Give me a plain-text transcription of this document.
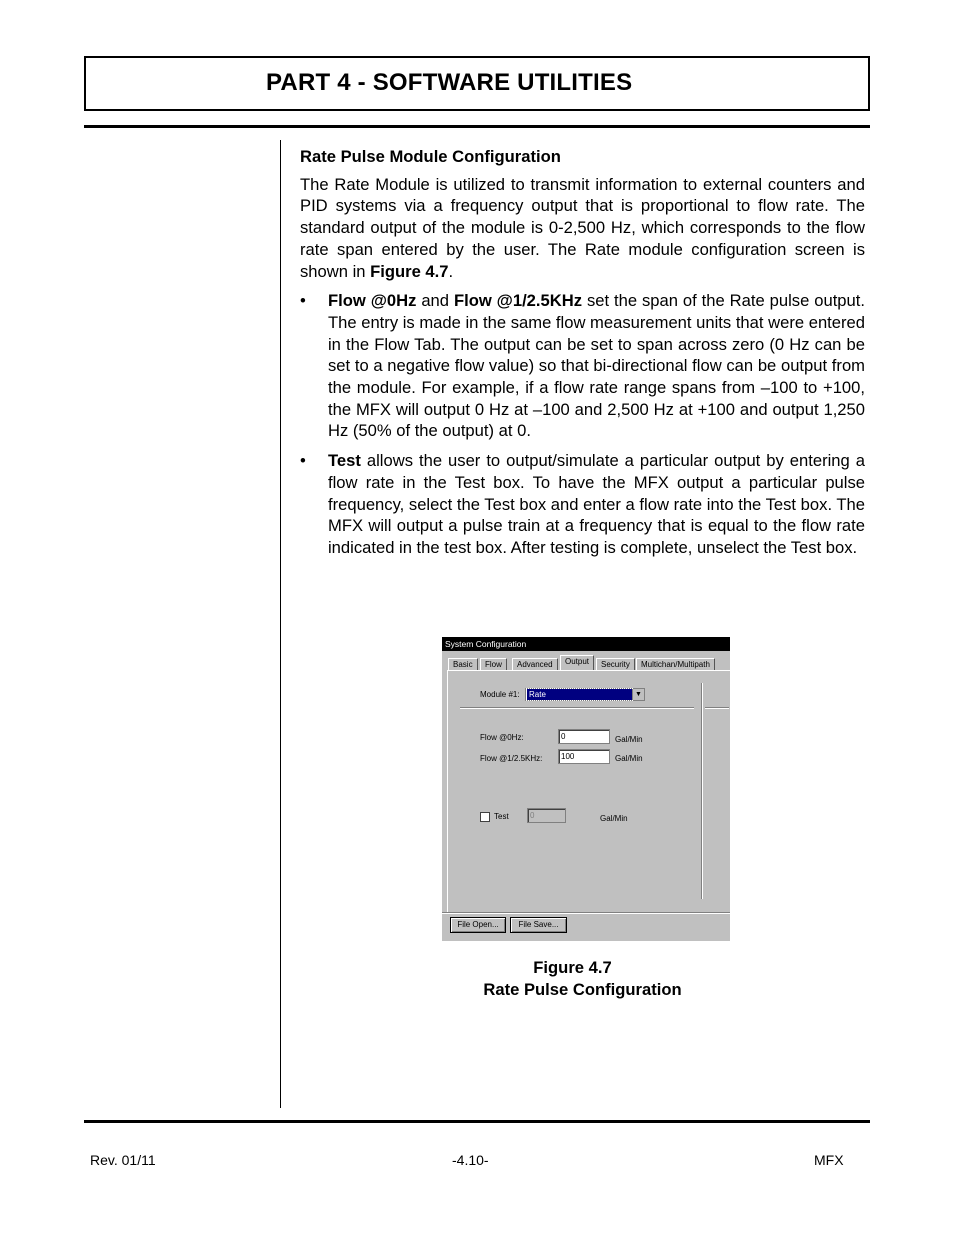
PART 4 - SOFTWARE UTILITIES
Rate Pulse Module Configuration

The Rate Module is utilized to transmit information to external counters and PID systems via a frequency output that is proportional to flow rate. The standard output of the module is 0-2,500 Hz, which corresponds to the flow rate span entered by the user. The Rate module configuration screen is shown in Figure 4.7.

• Flow @0Hz and Flow @1/2.5KHz set the span of the Rate pulse output. The entry is made in the same flow measurement units that were entered in the Flow Tab. The output can be set to span across zero (0 Hz can be set to a negative flow value) so that bi-directional flow can be output from the module. For example, if a flow rate range spans from –100 to +100, the MFX will output 0 Hz at –100 and 2,500 Hz at +100 and output 1,250 Hz (50% of the output) at 0.
• Test allows the user to output/simulate a particular output by entering a flow rate in the Test box. To have the MFX output a particular pulse frequency, select the Test box and enter a flow rate into the Test box. The MFX will output a pulse train at a frequency that is equal to the flow rate indicated in the test box. After testing is complete, unselect the Test box.
System Configuration
Basic	Flow	Advanced	Output	Security	Multichan/Multipath
Module #1: Rate	▼
Flow @0Hz:	0	Gal/Min
Flow @1/2.5KHz:	100	Gal/Min
Test	0	Gal/Min
File Open...	File Save...
Figure 4.7
Rate Pulse Configuration
Rev. 01/11	-4.10-	MFX
